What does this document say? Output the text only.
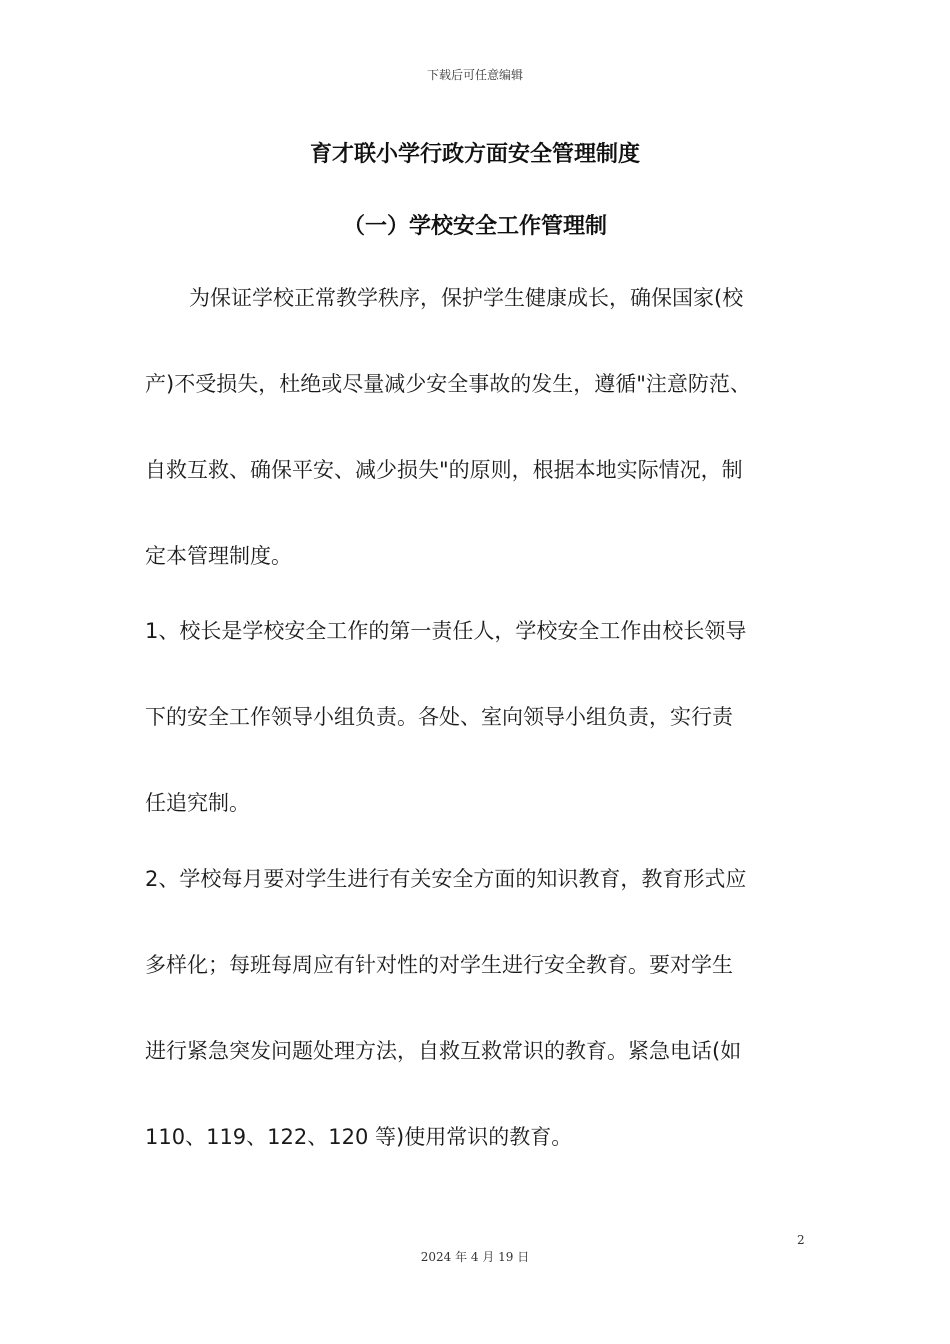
下载后可任意编辑
育才联小学行政方面安全管理制度
（一）学校安全工作管理制
为保证学校正常教学秩序，保护学生健康成长，确保国家(校
产)不受损失，杜绝或尽量减少安全事故的发生，遵循"注意防范、
自救互救、确保平安、减少损失"的原则，根据本地实际情况，制
定本管理制度。
1、校长是学校安全工作的第一责任人，学校安全工作由校长领导
下的安全工作领导小组负责。各处、室向领导小组负责，实行责
任追究制。
2、学校每月要对学生进行有关安全方面的知识教育，教育形式应
多样化；每班每周应有针对性的对学生进行安全教育。要对学生
进行紧急突发问题处理方法，自救互救常识的教育。紧急电话(如
110、119、122、120 等)使用常识的教育。
2
2024 年 4 月 19 日
